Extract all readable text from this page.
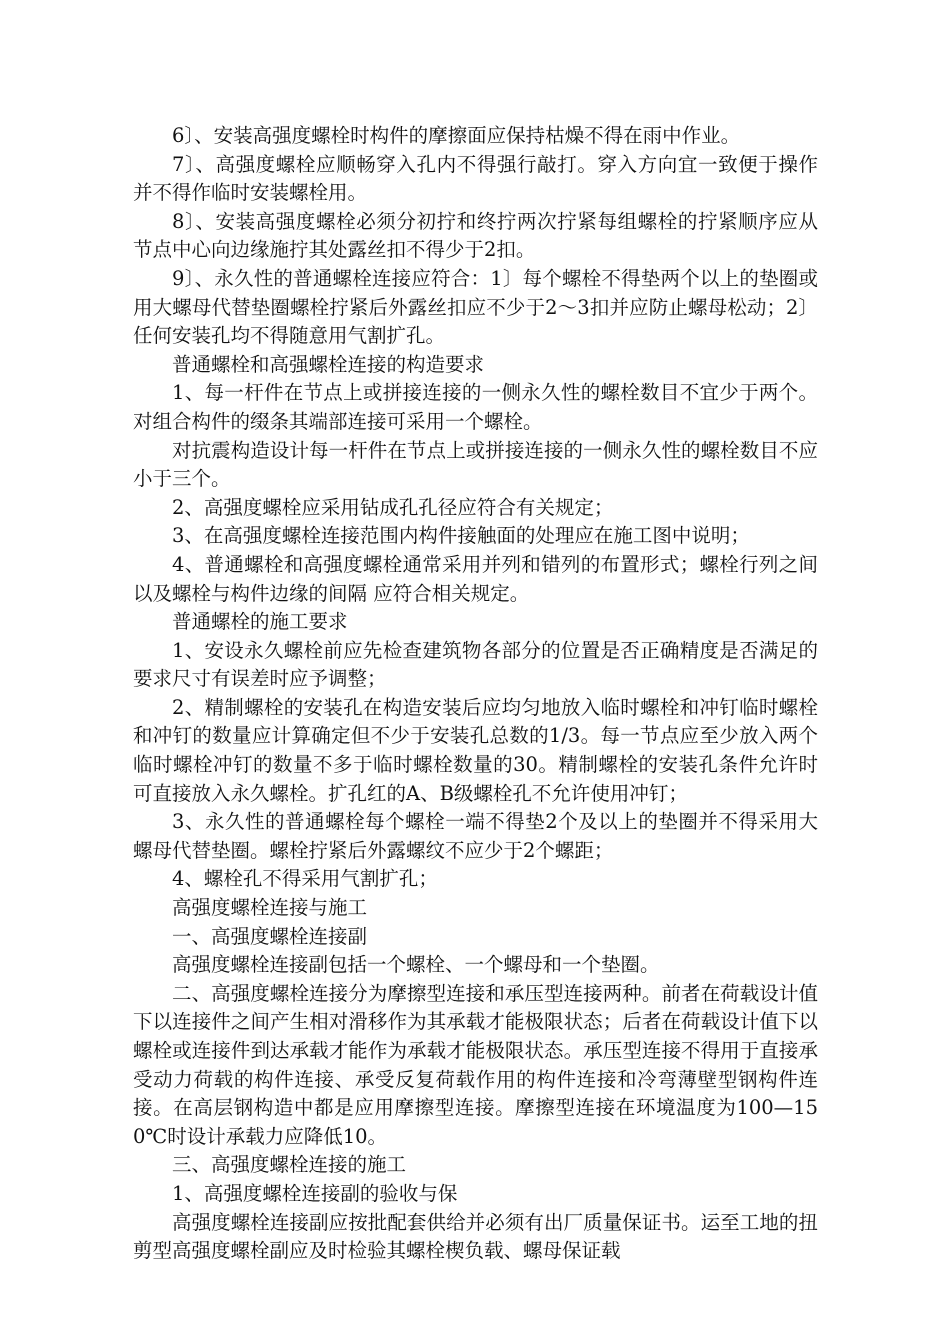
6〕、安装高强度螺栓时构件的摩擦面应保持枯燥不得在雨中作业。

7〕、高强度螺栓应顺畅穿入孔内不得强行敲打。穿入方向宜一致便于操作并不得作临时安装螺栓用。

8〕、安装高强度螺栓必须分初拧和终拧两次拧紧每组螺栓的拧紧顺序应从节点中心向边缘施拧其处露丝扣不得少于2扣。

9〕、永久性的普通螺栓连接应符合：1〕每个螺栓不得垫两个以上的垫圈或用大螺母代替垫圈螺栓拧紧后外露丝扣应不少于2～3扣并应防止螺母松动；2〕任何安装孔均不得随意用气割扩孔。

普通螺栓和高强螺栓连接的构造要求

1、每一杆件在节点上或拼接连接的一侧永久性的螺栓数目不宜少于两个。对组合构件的缀条其端部连接可采用一个螺栓。

对抗震构造设计每一杆件在节点上或拼接连接的一侧永久性的螺栓数目不应小于三个。

2、高强度螺栓应采用钻成孔孔径应符合有关规定；

3、在高强度螺栓连接范围内构件接触面的处理应在施工图中说明；

4、普通螺栓和高强度螺栓通常采用并列和错列的布置形式；螺栓行列之间以及螺栓与构件边缘的间隔 应符合相关规定。

普通螺栓的施工要求

1、安设永久螺栓前应先检查建筑物各部分的位置是否正确精度是否满足的要求尺寸有误差时应予调整；

2、精制螺栓的安装孔在构造安装后应均匀地放入临时螺栓和冲钉临时螺栓和冲钉的数量应计算确定但不少于安装孔总数的1/3。每一节点应至少放入两个临时螺栓冲钉的数量不多于临时螺栓数量的30。精制螺栓的安装孔条件允许时可直接放入永久螺栓。扩孔红的A、B级螺栓孔不允许使用冲钉；

3、永久性的普通螺栓每个螺栓一端不得垫2个及以上的垫圈并不得采用大螺母代替垫圈。螺栓拧紧后外露螺纹不应少于2个螺距；

4、螺栓孔不得采用气割扩孔；

高强度螺栓连接与施工

一、高强度螺栓连接副

高强度螺栓连接副包括一个螺栓、一个螺母和一个垫圈。

二、高强度螺栓连接分为摩擦型连接和承压型连接两种。前者在荷载设计值下以连接件之间产生相对滑移作为其承载才能极限状态；后者在荷载设计值下以螺栓或连接件到达承载才能作为承载才能极限状态。承压型连接不得用于直接承受动力荷载的构件连接、承受反复荷载作用的构件连接和冷弯薄壁型钢构件连接。在高层钢构造中都是应用摩擦型连接。摩擦型连接在环境温度为100—150℃时设计承载力应降低10。

三、高强度螺栓连接的施工

1、高强度螺栓连接副的验收与保

高强度螺栓连接副应按批配套供给并必须有出厂质量保证书。运至工地的扭剪型高强度螺栓副应及时检验其螺栓楔负载、螺母保证载
